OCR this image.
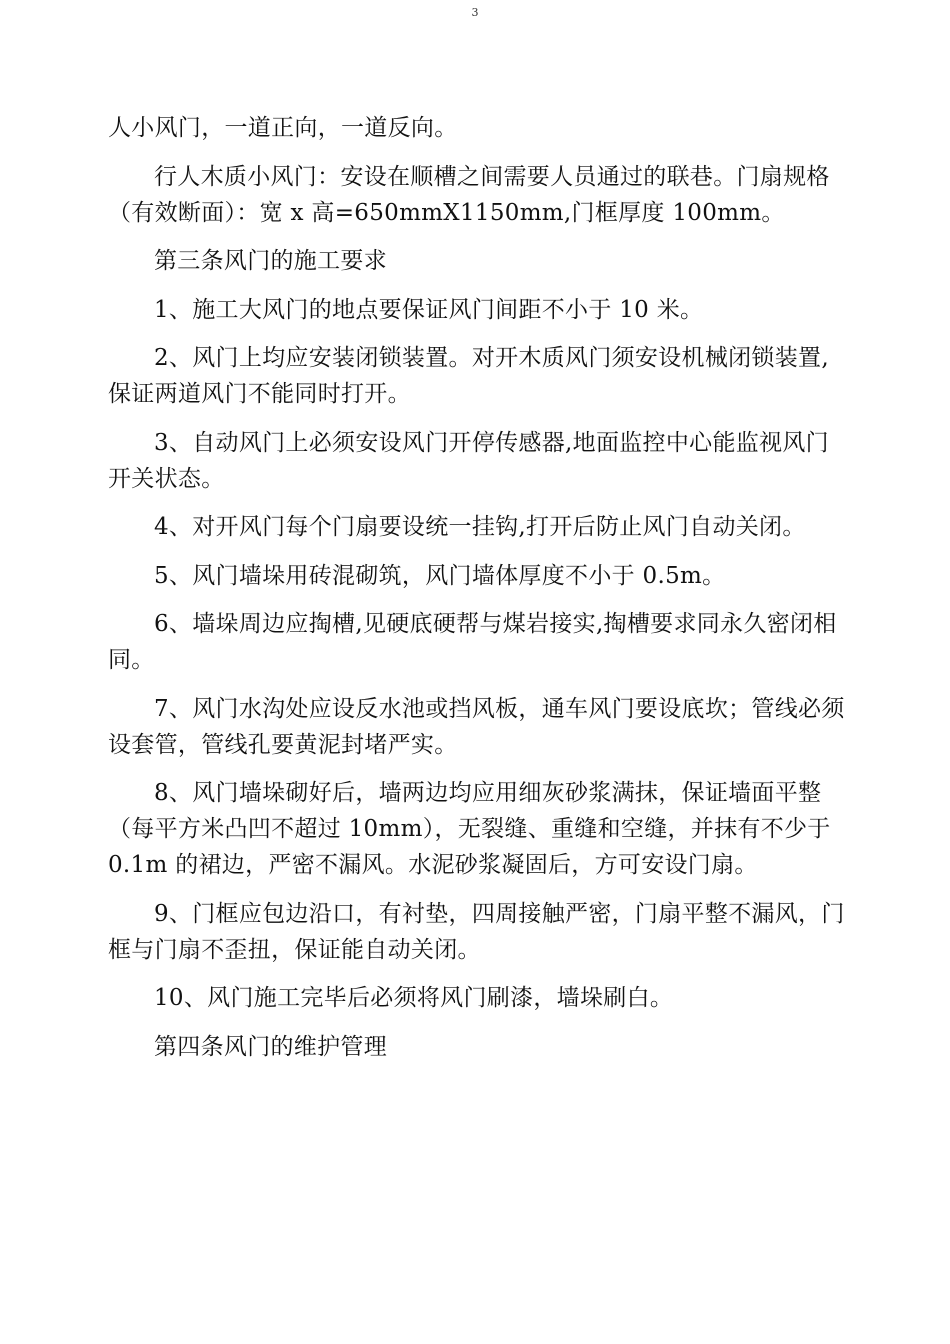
3

人小风门，一道正向，一道反向。

行人木质小风门：安设在顺槽之间需要人员通过的联巷。门扇规格（有效断面）：宽 x 高=650mmX1150mm,门框厚度 100mm。

第三条风门的施工要求

1、施工大风门的地点要保证风门间距不小于 10 米。

2、风门上均应安装闭锁装置。对开木质风门须安设机械闭锁装置,保证两道风门不能同时打开。

3、自动风门上必须安设风门开停传感器,地面监控中心能监视风门开关状态。

4、对开风门每个门扇要设统一挂钩,打开后防止风门自动关闭。

5、风门墙垛用砖混砌筑，风门墙体厚度不小于 0.5m。

6、墙垛周边应掏槽,见硬底硬帮与煤岩接实,掏槽要求同永久密闭相同。

7、风门水沟处应设反水池或挡风板，通车风门要设底坎；管线必须设套管，管线孔要黄泥封堵严实。

8、风门墙垛砌好后，墙两边均应用细灰砂浆满抹，保证墙面平整（每平方米凸凹不超过 10mm），无裂缝、重缝和空缝，并抹有不少于 0.1m 的裙边，严密不漏风。水泥砂浆凝固后，方可安设门扇。

9、门框应包边沿口，有衬垫，四周接触严密，门扇平整不漏风，门框与门扇不歪扭，保证能自动关闭。

10、风门施工完毕后必须将风门刷漆，墙垛刷白。

第四条风门的维护管理
